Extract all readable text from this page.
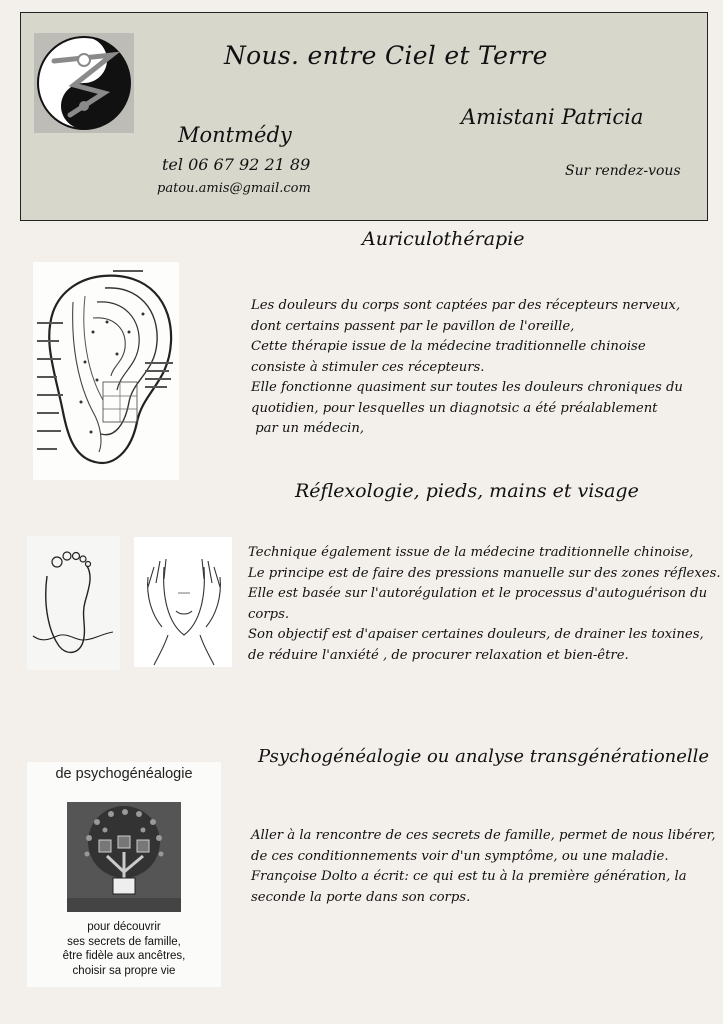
Nous. entre Ciel et Terre
Amistani Patricia
Montmédy
tel 06 67 92 21 89
patou.amis@gmail.com
Sur rendez-vous
Auriculothérapie
Les douleurs du corps sont captées par des récepteurs nerveux,
dont certains passent par le pavillon de l'oreille,
Cette thérapie issue de la médecine traditionnelle chinoise
consiste à stimuler ces récepteurs.
Elle fonctionne quasiment sur toutes les douleurs chroniques du
quotidien, pour lesquelles un diagnotsic a été préalablement
par un médecin,
Réflexologie, pieds, mains et visage
Technique également issue de la médecine traditionnelle chinoise,
Le principe est de faire des pressions manuelle sur des zones réflexes.
Elle est basée sur l'autorégulation et le processus d'autoguérison du
corps.
Son objectif est d'apaiser certaines douleurs, de drainer les toxines,
de réduire l'anxiété , de procurer relaxation et bien-être.
Psychogénéalogie ou analyse transgénérationelle
de psychogénéalogie
pour découvrir
ses secrets de famille,
être fidèle aux ancêtres,
choisir sa propre vie
Aller à la rencontre de ces secrets de famille, permet de nous libérer,
de ces conditionnements voir d'un symptôme, ou une maladie.
Françoise Dolto a écrit: ce qui est tu à la première génération, la
seconde la porte dans son corps.
